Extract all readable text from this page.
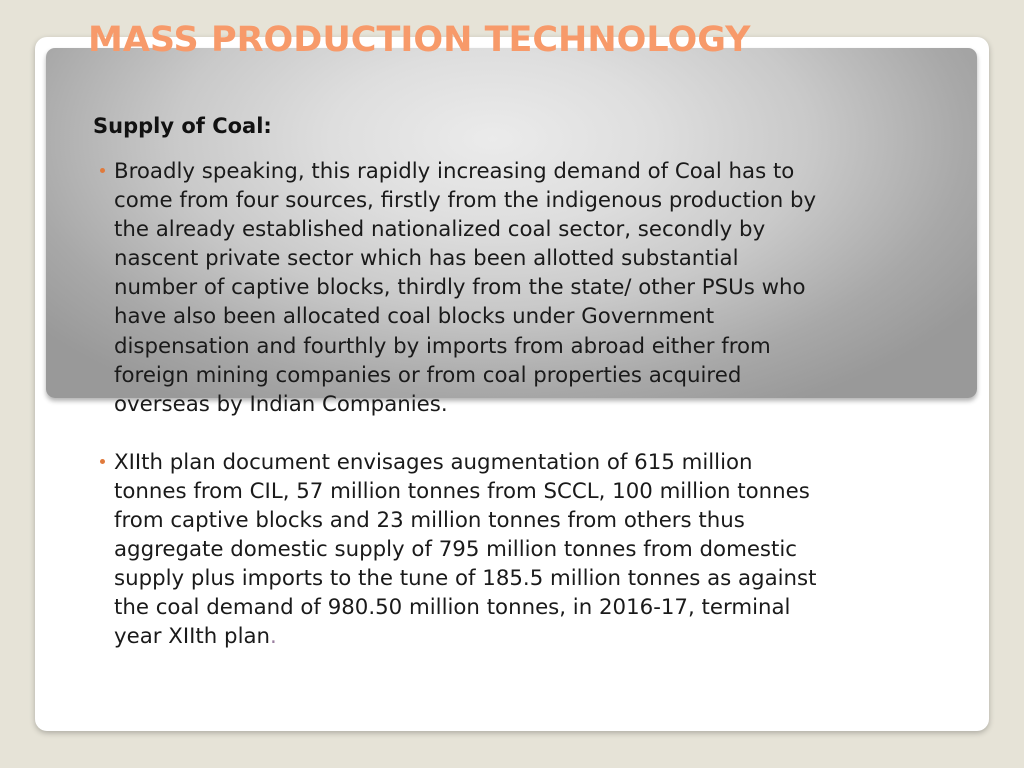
MASS PRODUCTION TECHNOLOGY
Supply of Coal:
Broadly speaking, this rapidly increasing demand of Coal has to come from four sources, firstly from the indigenous production by the already established nationalized coal sector, secondly by nascent private sector which has been allotted substantial number of captive blocks, thirdly from the state/ other PSUs who have also been allocated coal blocks under Government dispensation and fourthly by imports from abroad either from foreign mining companies or from coal properties acquired overseas by Indian Companies.
XIIth plan document envisages augmentation of 615 million tonnes from CIL, 57 million tonnes from SCCL, 100 million tonnes from captive blocks and 23 million tonnes from others thus aggregate domestic supply of 795 million tonnes from domestic supply plus imports to the tune of 185.5 million tonnes as against the coal demand of 980.50 million tonnes, in 2016-17, terminal year XIIth plan.
